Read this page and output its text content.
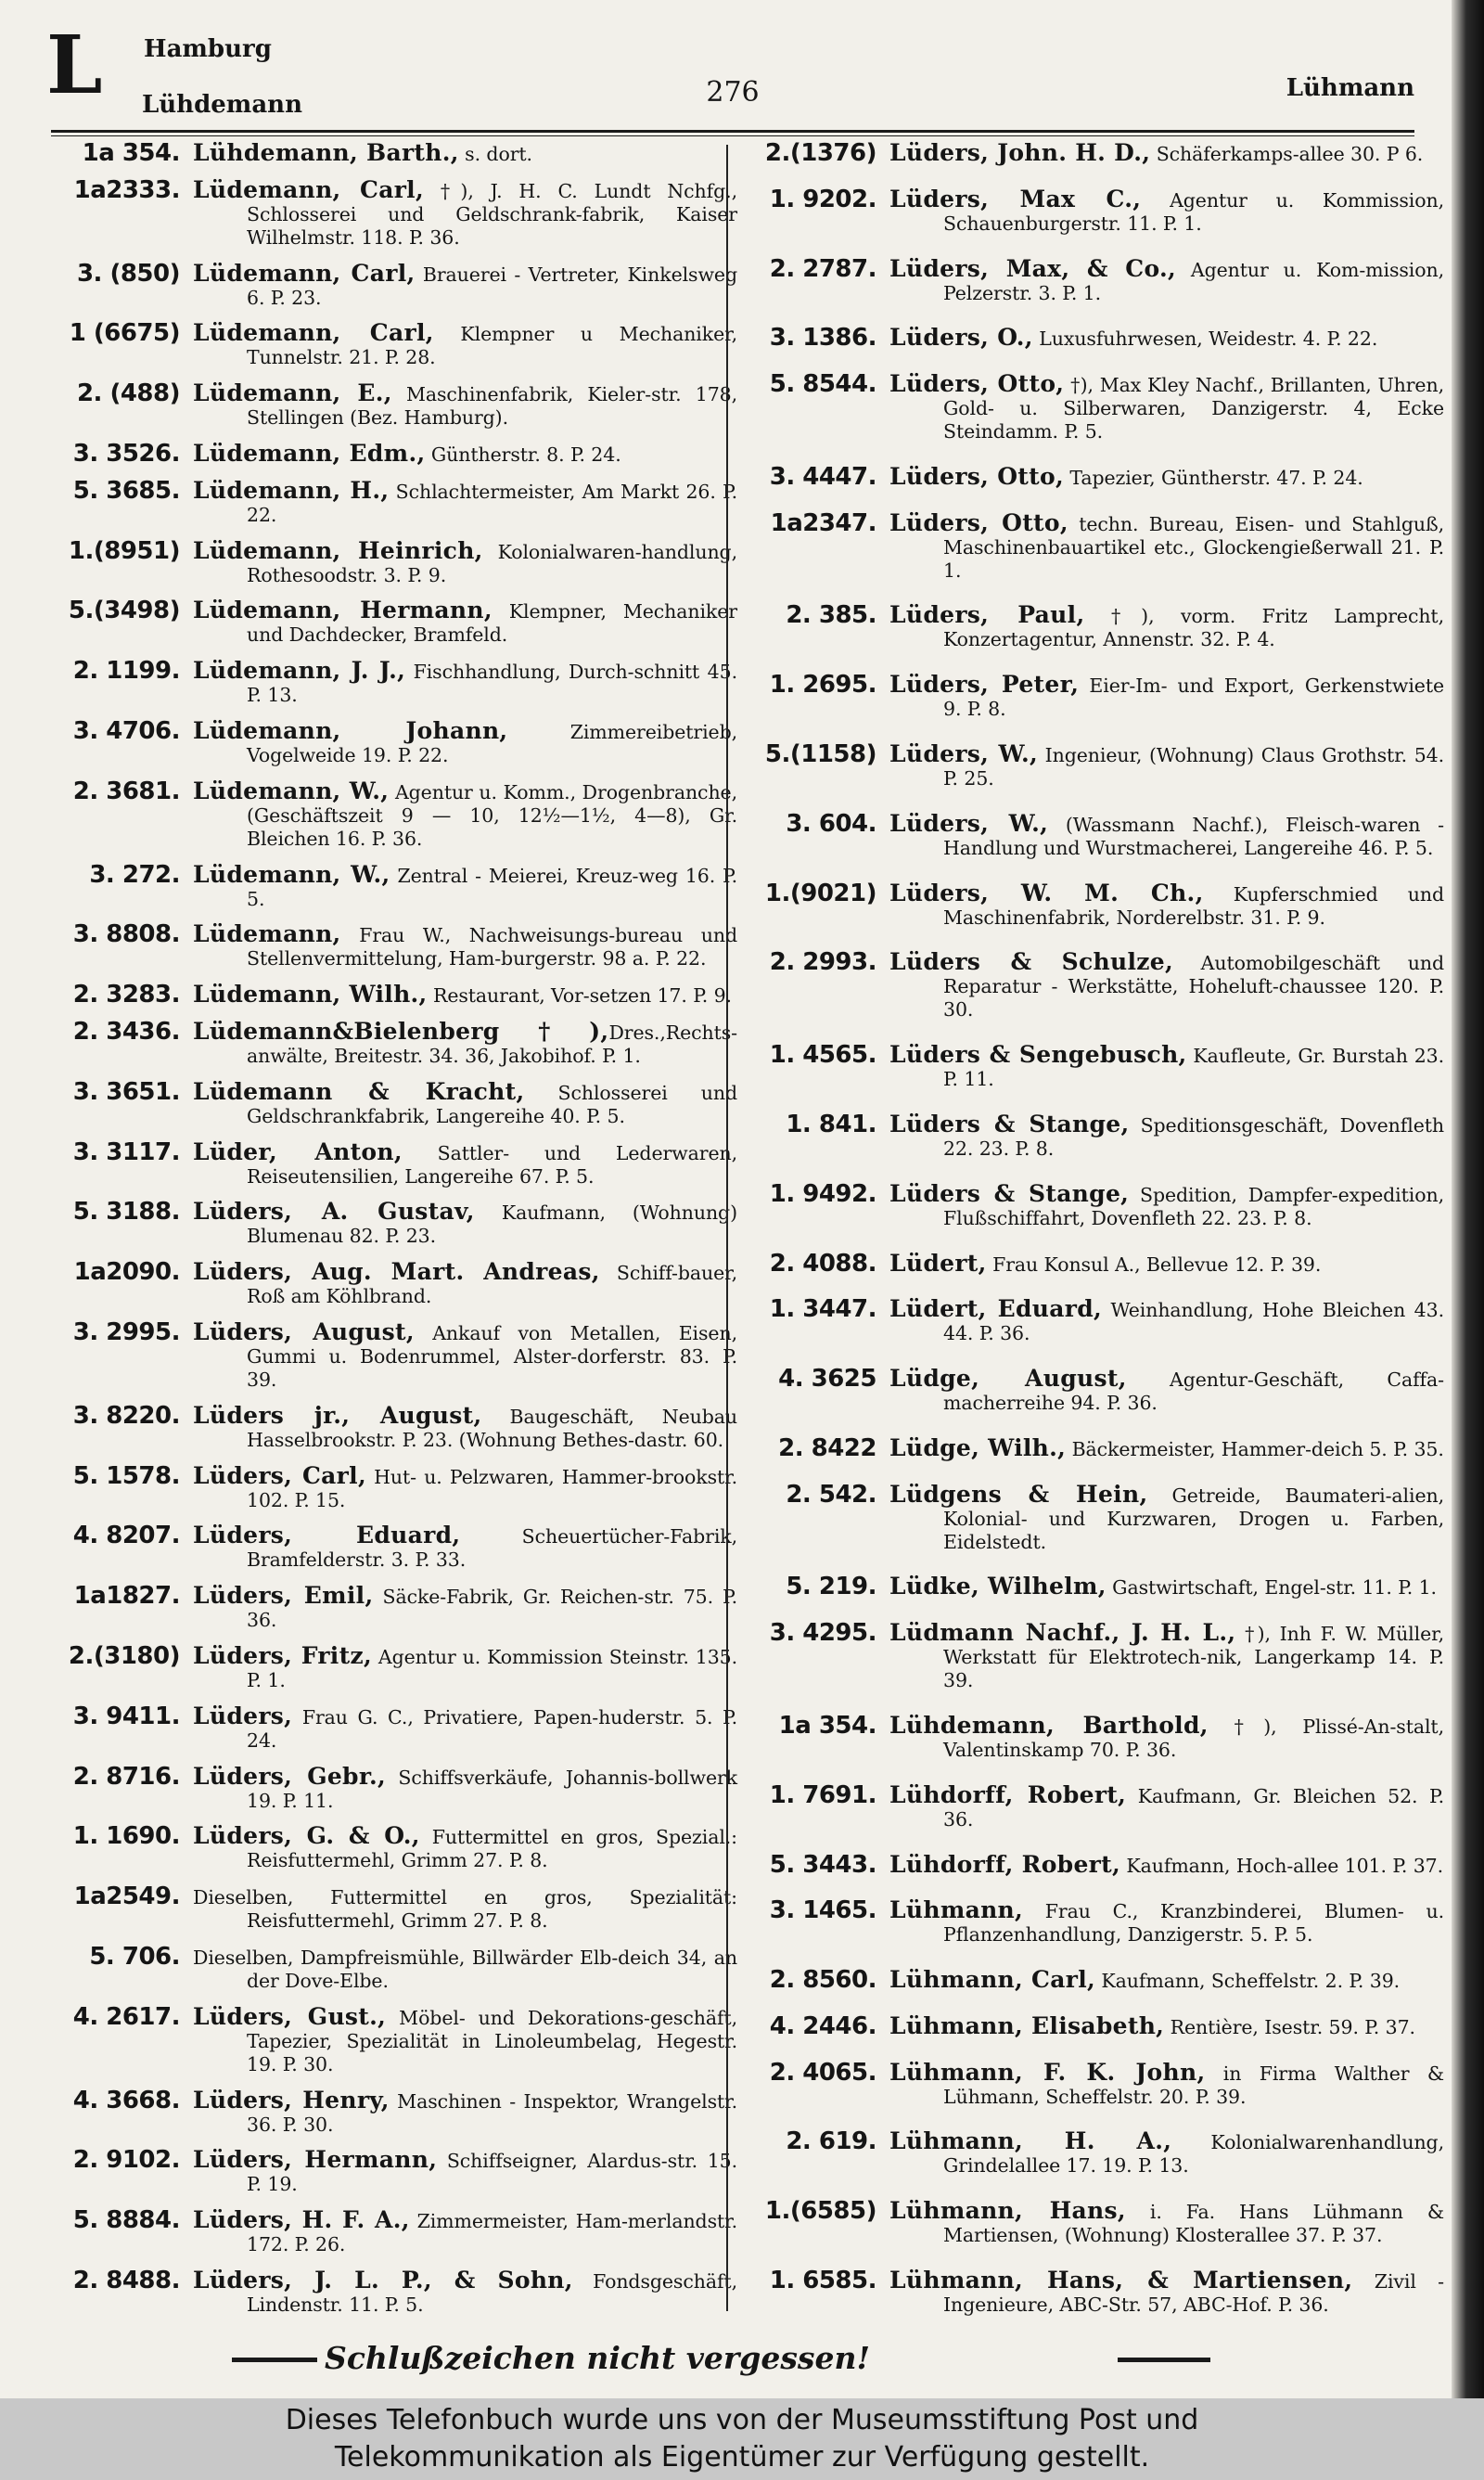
L Hamburg
Lühdemann	276	Lühmann
1a 354. Lühdemann, Barth., s. dort.
1a2333. Lüdemann, Carl, †), J. H. C. Lundt Nchfg., Schlosserei und Geldschrank-fabrik, Kaiser Wilhelmstr. 118. P. 36.
3. (850) Lüdemann, Carl, Brauerei - Vertreter, Kinkelsweg 6. P. 23.
1 (6675) Lüdemann, Carl, Klempner u Mechaniker, Tunnelstr. 21. P. 28.
2. (488) Lüdemann, E., Maschinenfabrik, Kieler-str. 178, Stellingen (Bez. Hamburg).
3. 3526. Lüdemann, Edm., Güntherstr. 8. P. 24.
5. 3685. Lüdemann, H., Schlachtermeister, Am Markt 26. P. 22.
1.(8951) Lüdemann, Heinrich, Kolonialwaren-handlung, Rothesoodstr. 3. P. 9.
5.(3498) Lüdemann, Hermann, Klempner, Mechaniker und Dachdecker, Bramfeld.
2. 1199. Lüdemann, J. J., Fischhandlung, Durch-schnitt 45. P. 13.
3. 4706. Lüdemann, Johann, Zimmereibetrieb, Vogelweide 19. P. 22.
2. 3681. Lüdemann, W., Agentur u. Komm., Drogenbranche, (Geschäftszeit 9 — 10, 12½—1½, 4—8), Gr. Bleichen 16. P. 36.
3. 272. Lüdemann, W., Zentral - Meierei, Kreuz-weg 16. P. 5.
3. 8808. Lüdemann, Frau W., Nachweisungs-bureau und Stellenvermittelung, Ham-burgerstr. 98 a. P. 22.
2. 3283. Lüdemann, Wilh., Restaurant, Vor-setzen 17. P. 9.
2. 3436. Lüdemann&Bielenberg†),Dres.,Rechts-anwälte, Breitestr. 34. 36, Jakobihof. P. 1.
3. 3651. Lüdemann & Kracht, Schlosserei und Geldschrankfabrik, Langereihe 40. P. 5.
3. 3117. Lüder, Anton, Sattler- und Lederwaren, Reiseutensilien, Langereihe 67. P. 5.
5. 3188. Lüders, A. Gustav, Kaufmann, (Wohnung) Blumenau 82. P. 23.
1a2090. Lüders, Aug. Mart. Andreas, Schiff-bauer, Roß am Köhlbrand.
3. 2995. Lüders, August, Ankauf von Metallen, Eisen, Gummi u. Bodenrummel, Alster-dorferstr. 83. P. 39.
3. 8220. Lüders jr., August, Baugeschäft, Neubau Hasselbrookstr. P. 23. (Wohnung Bethes-dastr. 60.
5. 1578. Lüders, Carl, Hut- u. Pelzwaren, Hammer-brookstr. 102. P. 15.
4. 8207. Lüders, Eduard, Scheuertücher-Fabrik, Bramfelderstr. 3. P. 33.
1a1827. Lüders, Emil, Säcke-Fabrik, Gr. Reichen-str. 75. P. 36.
2.(3180) Lüders, Fritz, Agentur u. Kommission Steinstr. 135. P. 1.
3. 9411. Lüders, Frau G. C., Privatiere, Papen-huderstr. 5. P. 24.
2. 8716. Lüders, Gebr., Schiffsverkäufe, Johannis-bollwerk 19. P. 11.
1. 1690. Lüders, G. & O., Futtermittel en gros, Spezial.: Reisfuttermehl, Grimm 27. P. 8.
1a2549. Dieselben, Futtermittel en gros, Spezialität: Reisfuttermehl, Grimm 27. P. 8.
5. 706. Dieselben, Dampfreismühle, Billwärder Elb-deich 34, an der Dove-Elbe.
4. 2617. Lüders, Gust., Möbel- und Dekorations-geschäft, Tapezier, Spezialität in Linoleumbelag, Hegestr. 19. P. 30.
4. 3668. Lüders, Henry, Maschinen - Inspektor, Wrangelstr. 36. P. 30.
2. 9102. Lüders, Hermann, Schiffseigner, Alardus-str. 15. P. 19.
5. 8884. Lüders, H. F. A., Zimmermeister, Ham-merlandstr. 172. P. 26.
2. 8488. Lüders, J. L. P., & Sohn, Fondsgeschäft, Lindenstr. 11. P. 5.
2.(1376) Lüders, John. H. D., Schäferkamps-allee 30. P 6.
1. 9202. Lüders, Max C., Agentur u. Kommission, Schauenburgerstr. 11. P. 1.
2. 2787. Lüders, Max, & Co., Agentur u. Kom-mission, Pelzerstr. 3. P. 1.
3. 1386. Lüders, O., Luxusfuhrwesen, Weidestr. 4. P. 22.
5. 8544. Lüders, Otto, †), Max Kley Nachf., Brillanten, Uhren, Gold- u. Silberwaren, Danzigerstr. 4, Ecke Steindamm. P. 5.
3. 4447. Lüders, Otto, Tapezier, Güntherstr. 47. P. 24.
1a2347. Lüders, Otto, techn. Bureau, Eisen- und Stahlguß, Maschinenbauartikel etc., Glockengießerwall 21. P. 1.
2. 385. Lüders, Paul, †), vorm. Fritz Lamprecht, Konzertagentur, Annenstr. 32. P. 4.
1. 2695. Lüders, Peter, Eier-Im- und Export, Gerkenstwiete 9. P. 8.
5.(1158) Lüders, W., Ingenieur, (Wohnung) Claus Grothstr. 54. P. 25.
3. 604. Lüders, W., (Wassmann Nachf.), Fleisch-waren - Handlung und Wurstmacherei, Langereihe 46. P. 5.
1.(9021) Lüders, W. M. Ch., Kupferschmied und Maschinenfabrik, Norderelbstr. 31. P. 9.
2. 2993. Lüders & Schulze, Automobilgeschäft und Reparatur - Werkstätte, Hoheluft-chaussee 120. P. 30.
1. 4565. Lüders & Sengebusch, Kaufleute, Gr. Burstah 23. P. 11.
1. 841. Lüders & Stange, Speditionsgeschäft, Dovenfleth 22. 23. P. 8.
1. 9492. Lüders & Stange, Spedition, Dampfer-expedition, Flußschiffahrt, Dovenfleth 22. 23. P. 8.
2. 4088. Lüdert, Frau Konsul A., Bellevue 12. P. 39.
1. 3447. Lüdert, Eduard, Weinhandlung, Hohe Bleichen 43. 44. P. 36.
4. 3625 Lüdge, August, Agentur-Geschäft, Caffa-macherreihe 94. P. 36.
2. 8422 Lüdge, Wilh., Bäckermeister, Hammer-deich 5. P. 35.
2. 542. Lüdgens & Hein, Getreide, Baumateri-alien, Kolonial- und Kurzwaren, Drogen u. Farben, Eidelstedt.
5. 219. Lüdke, Wilhelm, Gastwirtschaft, Engel-str. 11. P. 1.
3. 4295. Lüdmann Nachf., J. H. L., †), Inh F. W. Müller, Werkstatt für Elektrotech-nik, Langerkamp 14. P. 39.
1a 354. Lühdemann, Barthold, †), Plissé-An-stalt, Valentinskamp 70. P. 36.
1. 7691. Lühdorff, Robert, Kaufmann, Gr. Bleichen 52. P. 36.
5. 3443. Lühdorff, Robert, Kaufmann, Hoch-allee 101. P. 37.
3. 1465. Lühmann, Frau C., Kranzbinderei, Blumen- u. Pflanzenhandlung, Danzigerstr. 5. P. 5.
2. 8560. Lühmann, Carl, Kaufmann, Scheffelstr. 2. P. 39.
4. 2446. Lühmann, Elisabeth, Rentière, Isestr. 59. P. 37.
2. 4065. Lühmann, F. K. John, in Firma Walther & Lühmann, Scheffelstr. 20. P. 39.
2. 619. Lühmann, H. A., Kolonialwarenhandlung, Grindelallee 17. 19. P. 13.
1.(6585) Lühmann, Hans, i. Fa. Hans Lühmann & Martiensen, (Wohnung) Klosterallee 37. P. 37.
1. 6585. Lühmann, Hans, & Martiensen, Zivil - Ingenieure, ABC-Str. 57, ABC-Hof. P. 36.
Schlußzeichen nicht vergessen!
Dieses Telefonbuch wurde uns von der Museumsstiftung Post und
Telekommunikation als Eigentümer zur Verfügung gestellt.
